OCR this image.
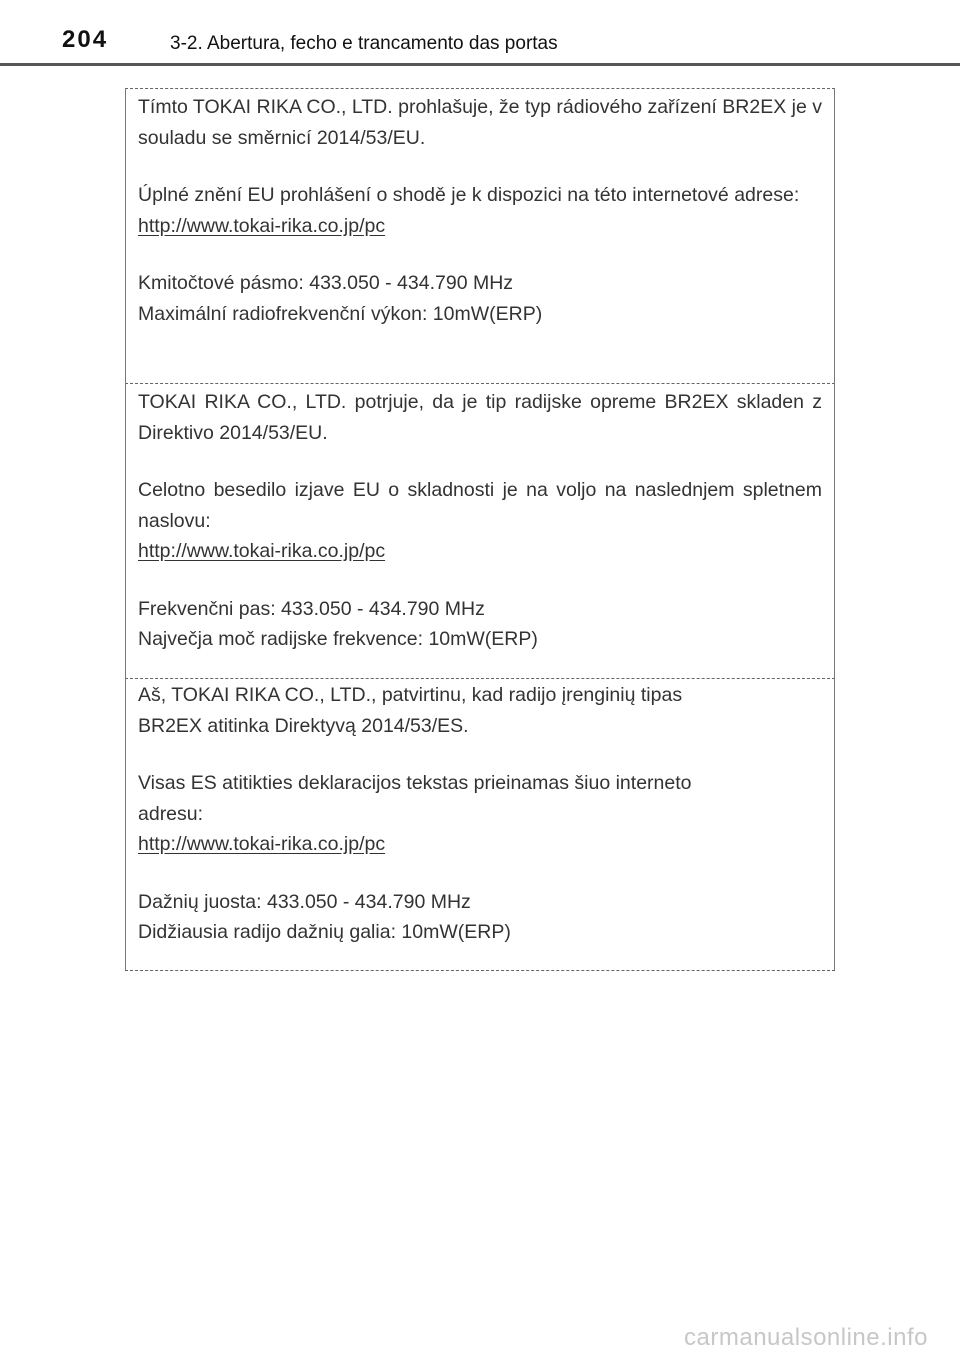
204	3-2. Abertura, fecho e trancamento das portas

Tímto TOKAI RIKA CO., LTD. prohlašuje, že typ rádiového zařízení BR2EX je v souladu se směrnicí 2014/53/EU.

Úplné znění EU prohlášení o shodě je k dispozici na této internetové adrese:

http://www.tokai-rika.co.jp/pc

Kmitočtové pásmo: 433.050 - 434.790 MHz

Maximální radiofrekvenční výkon: 10mW(ERP)

TOKAI RIKA CO., LTD. potrjuje, da je tip radijske opreme BR2EX skladen z Direktivo 2014/53/EU.

Celotno besedilo izjave EU o skladnosti je na voljo na naslednjem spletnem naslovu:

http://www.tokai-rika.co.jp/pc

Frekvenčni pas: 433.050 - 434.790 MHz

Največja moč radijske frekvence: 10mW(ERP)

Aš, TOKAI RIKA CO., LTD., patvirtinu, kad radijo įrenginių tipas

BR2EX atitinka Direktyvą 2014/53/ES.

Visas ES atitikties deklaracijos tekstas prieinamas šiuo interneto

adresu:

http://www.tokai-rika.co.jp/pc

Dažnių juosta: 433.050 - 434.790 MHz

Didžiausia radijo dažnių galia: 10mW(ERP)

carmanualsonline.info
